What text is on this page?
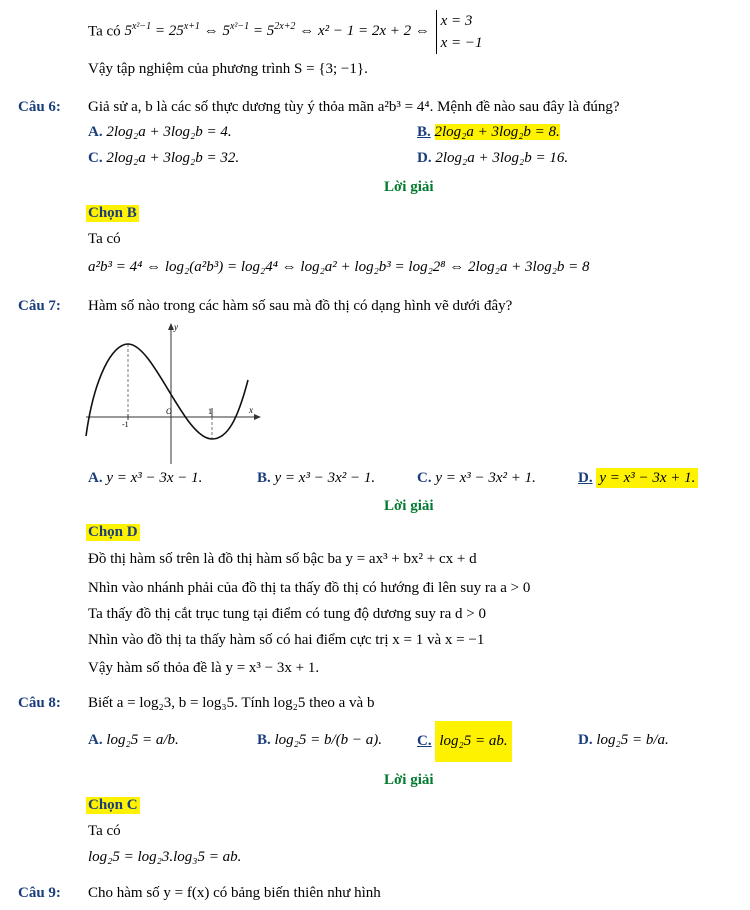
Ta có $5^{x^2-1} = 25^{x+1}$ ⇔ $5^{x^2-1} = 5^{2x+2}$ ⇔ x² − 1 = 2x + 2 ⇔
x = 3
x = −1
Vậy tập nghiệm của phương trình S = {3; −1}.
Câu 6: Giả sử a, b là các số thực dương tùy ý thỏa mãn a²b³ = 4⁴. Mệnh đề nào sau đây là đúng?
A. 2log₂a + 3log₂b = 4.	B. 2log₂a + 3log₂b = 8.
C. 2log₂a + 3log₂b = 32.	D. 2log₂a + 3log₂b = 16.
Lời giải
Chọn B
Ta có
a²b³ = 4⁴ ⇔ log₂(a²b³) = log₂4⁴ ⇔ log₂a² + log₂b³ = log₂2⁸ ⇔ 2log₂a + 3log₂b = 8
Câu 7: Hàm số nào trong các hàm số sau mà đồ thị có dạng hình vẽ dưới đây?
y
x
O
-1
1
A. y = x³ − 3x − 1.	B. y = x³ − 3x² − 1.	C. y = x³ − 3x² + 1.	D. y = x³ − 3x + 1.
Lời giải
Chọn D
Đồ thị hàm số trên là đồ thị hàm số bậc ba y = ax³ + bx² + cx + d
Nhìn vào nhánh phải của đồ thị ta thấy đồ thị có hướng đi lên suy ra a > 0
Ta thấy đồ thị cắt trục tung tại điểm có tung độ dương suy ra d > 0
Nhìn vào đồ thị ta thấy hàm số có hai điểm cực trị x = 1 và x = −1
Vậy hàm số thỏa đề là y = x³ − 3x + 1.
Câu 8: Biết a = log₂3, b = log₃5. Tính log₂5 theo a và b
A. log₂5 = a/b.	B. log₂5 = b/(b − a). C.
log₂5 = ab.	D. log₂5 = b/a.
Lời giải
Chọn C
Ta có
log₂5 = log₂3.log₃5 = ab.
Câu 9: Cho hàm số y = f(x) có bảng biến thiên như hình
